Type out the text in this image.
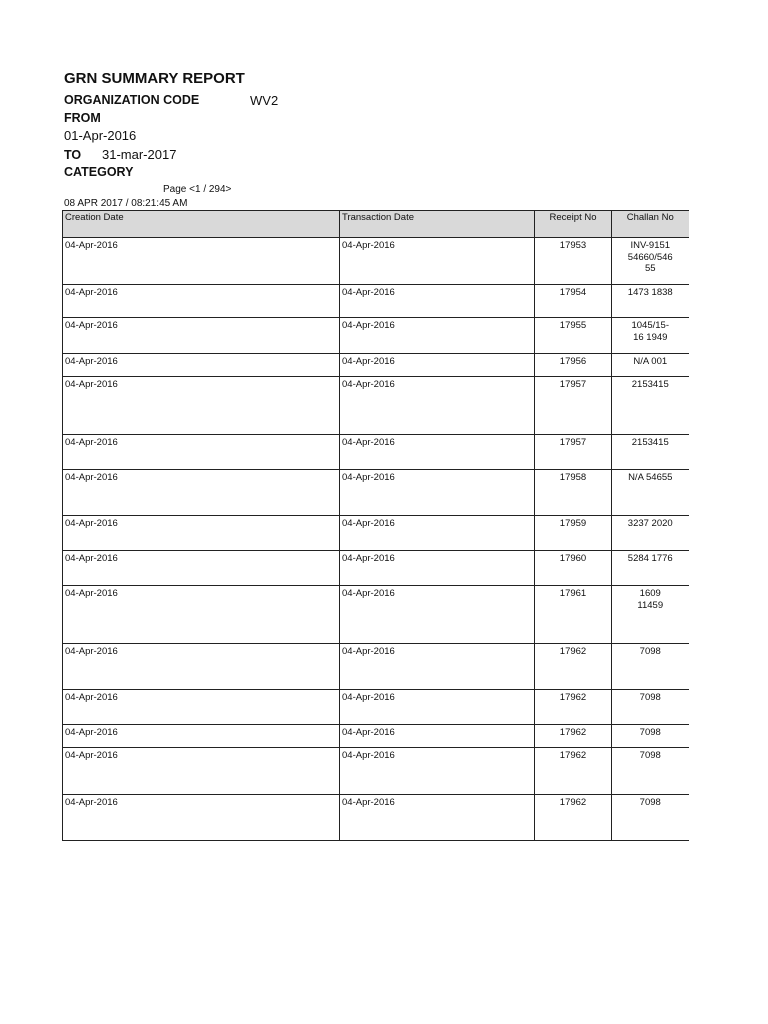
GRN SUMMARY REPORT
ORGANIZATION CODE	WV2
FROM
01-Apr-2016
TO 31-mar-2017
CATEGORY
Page <1 / 294>
08 APR 2017 / 08:21:45 AM
Creation Date	Transaction Date	Receipt No	Challan No
04-Apr-2016	04-Apr-2016	17953	INV-9151
54660/546
55
04-Apr-2016	04-Apr-2016	17954	1473 1838
04-Apr-2016	04-Apr-2016	17955	1045/15-
16 1949
04-Apr-2016	04-Apr-2016	17956	N/A 001
04-Apr-2016	04-Apr-2016	17957	2153415
04-Apr-2016	04-Apr-2016	17957	2153415
04-Apr-2016	04-Apr-2016	17958	N/A 54655
04-Apr-2016	04-Apr-2016	17959	3237 2020
04-Apr-2016	04-Apr-2016	17960	5284 1776
04-Apr-2016	04-Apr-2016	17961	1609
11459
04-Apr-2016	04-Apr-2016	17962	7098
04-Apr-2016	04-Apr-2016	17962	7098
04-Apr-2016	04-Apr-2016	17962	7098
04-Apr-2016	04-Apr-2016	17962	7098
04-Apr-2016	04-Apr-2016	17962	7098
